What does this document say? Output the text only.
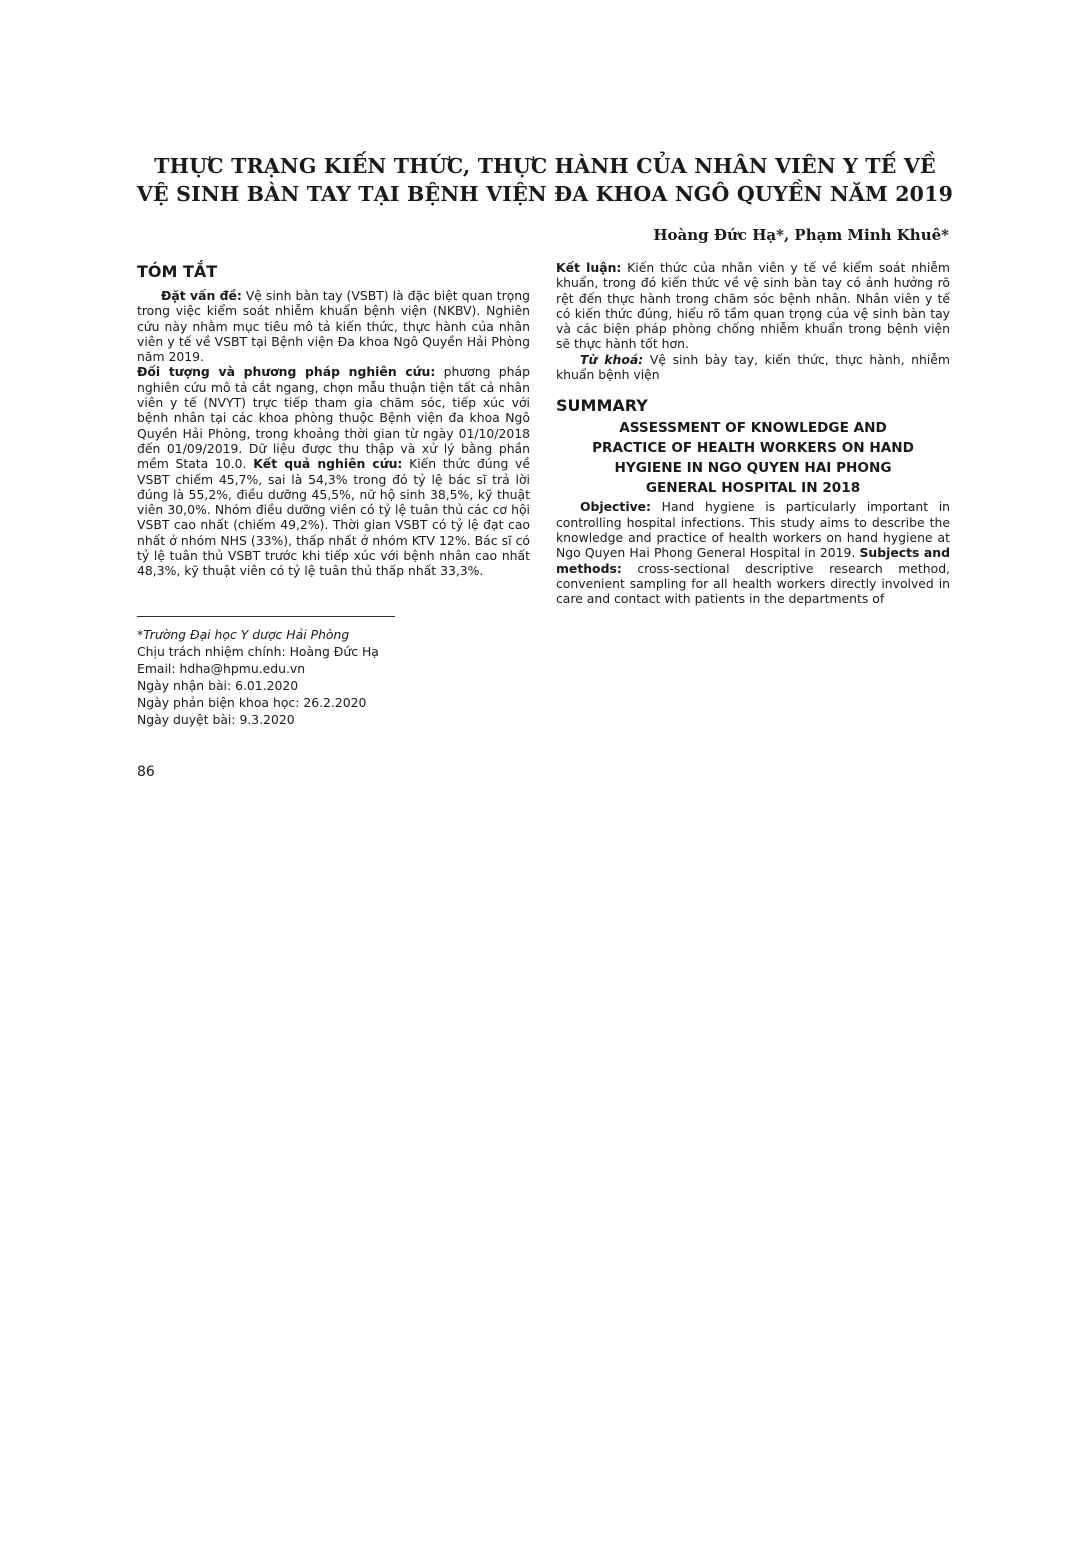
THỰC TRẠNG KIẾN THỨC, THỰC HÀNH CỦA NHÂN VIÊN Y TẾ VỀ
VỆ SINH BÀN TAY TẠI BỆNH VIỆN ĐA KHOA NGÔ QUYỀN NĂM 2019
Hoàng Đức Hạ*, Phạm Minh Khuê*
TÓM TẮT

Đặt vấn đề: Vệ sinh bàn tay (VSBT) là đặc biệt quan trọng trong việc kiểm soát nhiễm khuẩn bệnh viện (NKBV). Nghiên cứu này nhằm mục tiêu mô tả kiến thức, thực hành của nhân viên y tế về VSBT tại Bệnh viện Đa khoa Ngô Quyền Hải Phòng năm 2019.

Đối tượng và phương pháp nghiên cứu: phương pháp nghiên cứu mô tả cắt ngang, chọn mẫu thuận tiện tất cả nhân viên y tế (NVYT) trực tiếp tham gia chăm sóc, tiếp xúc với bệnh nhân tại các khoa phòng thuộc Bệnh viện đa khoa Ngô Quyền Hải Phòng, trong khoảng thời gian từ ngày 01/10/2018 đến 01/09/2019. Dữ liệu được thu thập và xử lý bằng phần mềm Stata 10.0. Kết quả nghiên cứu: Kiến thức đúng về VSBT chiếm 45,7%, sai là 54,3% trong đó tỷ lệ bác sĩ trả lời đúng là 55,2%, điều dưỡng 45,5%, nữ hộ sinh 38,5%, kỹ thuật viên 30,0%. Nhóm điều dưỡng viên có tỷ lệ tuân thủ các cơ hội VSBT cao nhất (chiếm 49,2%). Thời gian VSBT có tỷ lệ đạt cao nhất ở nhóm NHS (33%), thấp nhất ở nhóm KTV 12%. Bác sĩ có tỷ lệ tuân thủ VSBT trước khi tiếp xúc với bệnh nhân cao nhất 48,3%, kỹ thuật viên có tỷ lệ tuân thủ thấp nhất 33,3%.

*Trường Đại học Y dược Hải Phòng
Chịu trách nhiệm chính: Hoàng Đức Hạ
Email: hdha@hpmu.edu.vn
Ngày nhận bài: 6.01.2020
Ngày phản biện khoa học: 26.2.2020
Ngày duyệt bài: 9.3.2020

Kết luận: Kiến thức của nhân viên y tế về kiểm soát nhiễm khuẩn, trong đó kiến thức về vệ sinh bàn tay có ảnh hưởng rõ rệt đến thực hành trong chăm sóc bệnh nhân. Nhân viên y tế có kiến thức đúng, hiểu rõ tầm quan trọng của vệ sinh bàn tay và các biện pháp phòng chống nhiễm khuẩn trong bệnh viện sẽ thực hành tốt hơn.

Từ khoá: Vệ sinh bày tay, kiến thức, thực hành, nhiễm khuẩn bệnh viện

SUMMARY
ASSESSMENT OF KNOWLEDGE AND
PRACTICE OF HEALTH WORKERS ON HAND
HYGIENE IN NGO QUYEN HAI PHONG
GENERAL HOSPITAL IN 2018

Objective: Hand hygiene is particularly important in controlling hospital infections. This study aims to describe the knowledge and practice of health workers on hand hygiene at Ngo Quyen Hai Phong General Hospital in 2019. Subjects and methods: cross-sectional descriptive research method, convenient sampling for all health workers directly involved in care and contact with patients in the departments of

86
